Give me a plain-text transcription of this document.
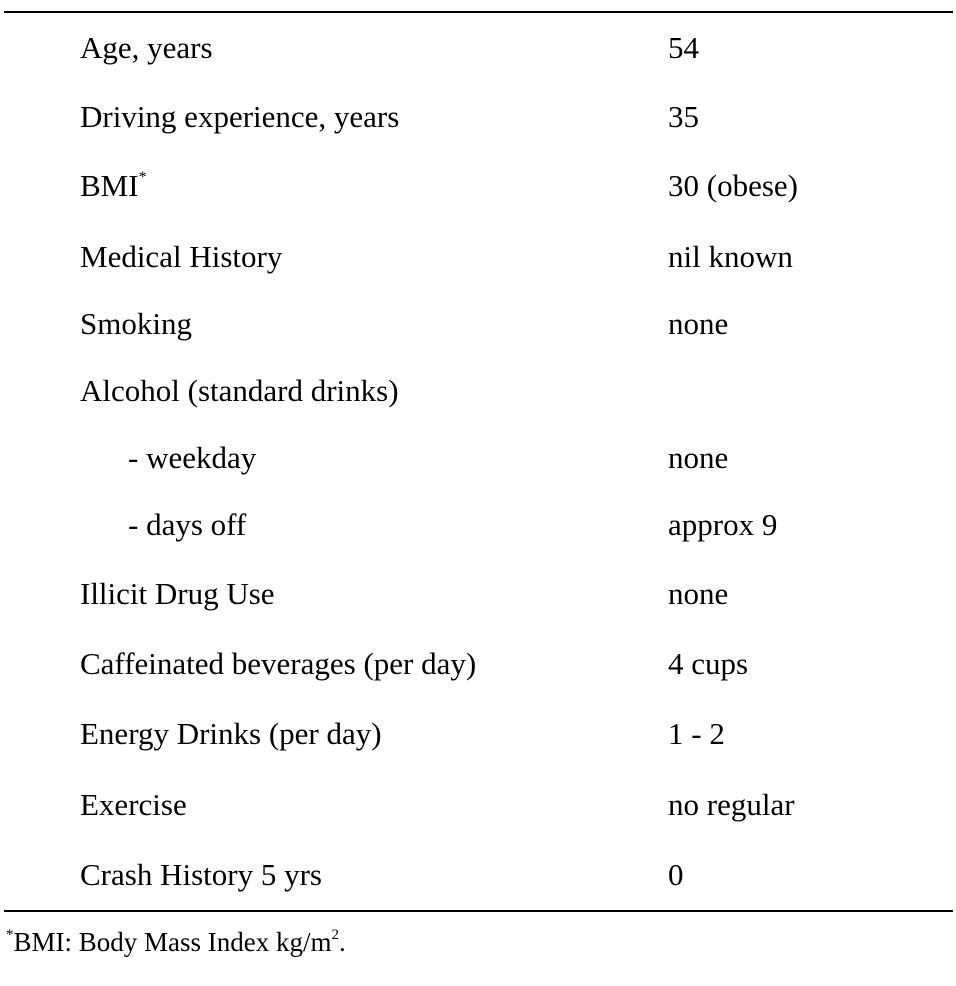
Age, years	54
Driving experience, years	35
BMI*	30 (obese)
Medical History	nil known
Smoking	none
Alcohol (standard drinks)
- weekday	none
- days off	approx 9
Illicit Drug Use	none
Caffeinated beverages (per day)	4 cups
Energy Drinks (per day)	1 - 2
Exercise	no regular
Crash History 5 yrs	0
*BMI: Body Mass Index $kg/m^2$.
